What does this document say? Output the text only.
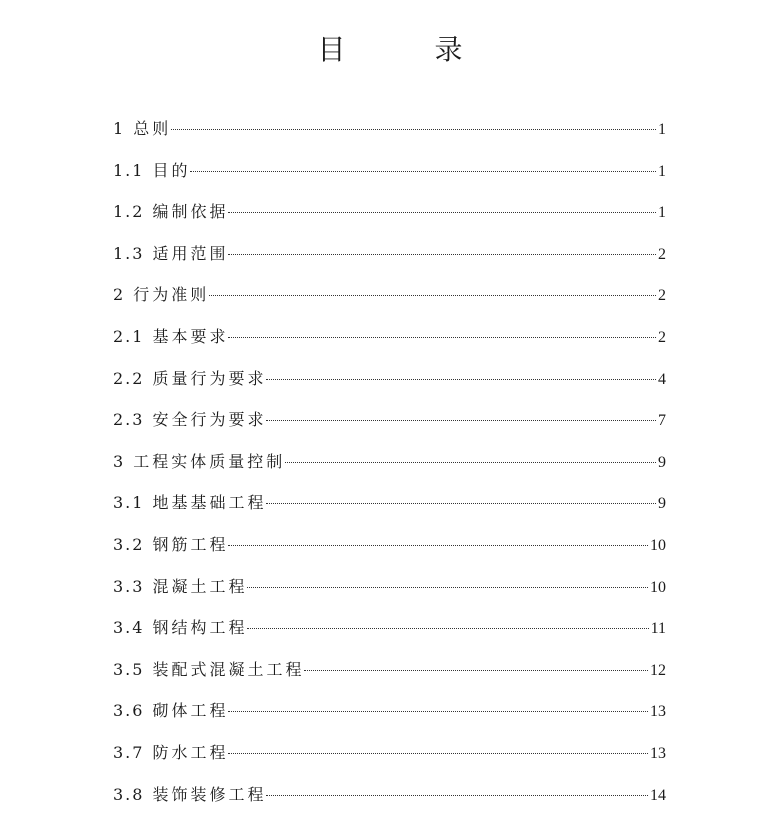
目 录
1 总则	1
1.1 目的	1
1.2 编制依据	1
1.3 适用范围	2
2 行为准则	2
2.1 基本要求	2
2.2 质量行为要求	4
2.3 安全行为要求	7
3 工程实体质量控制	9
3.1 地基基础工程	9
3.2 钢筋工程	10
3.3 混凝土工程	10
3.4 钢结构工程	11
3.5 装配式混凝土工程	12
3.6 砌体工程	13
3.7 防水工程	13
3.8 装饰装修工程	14
